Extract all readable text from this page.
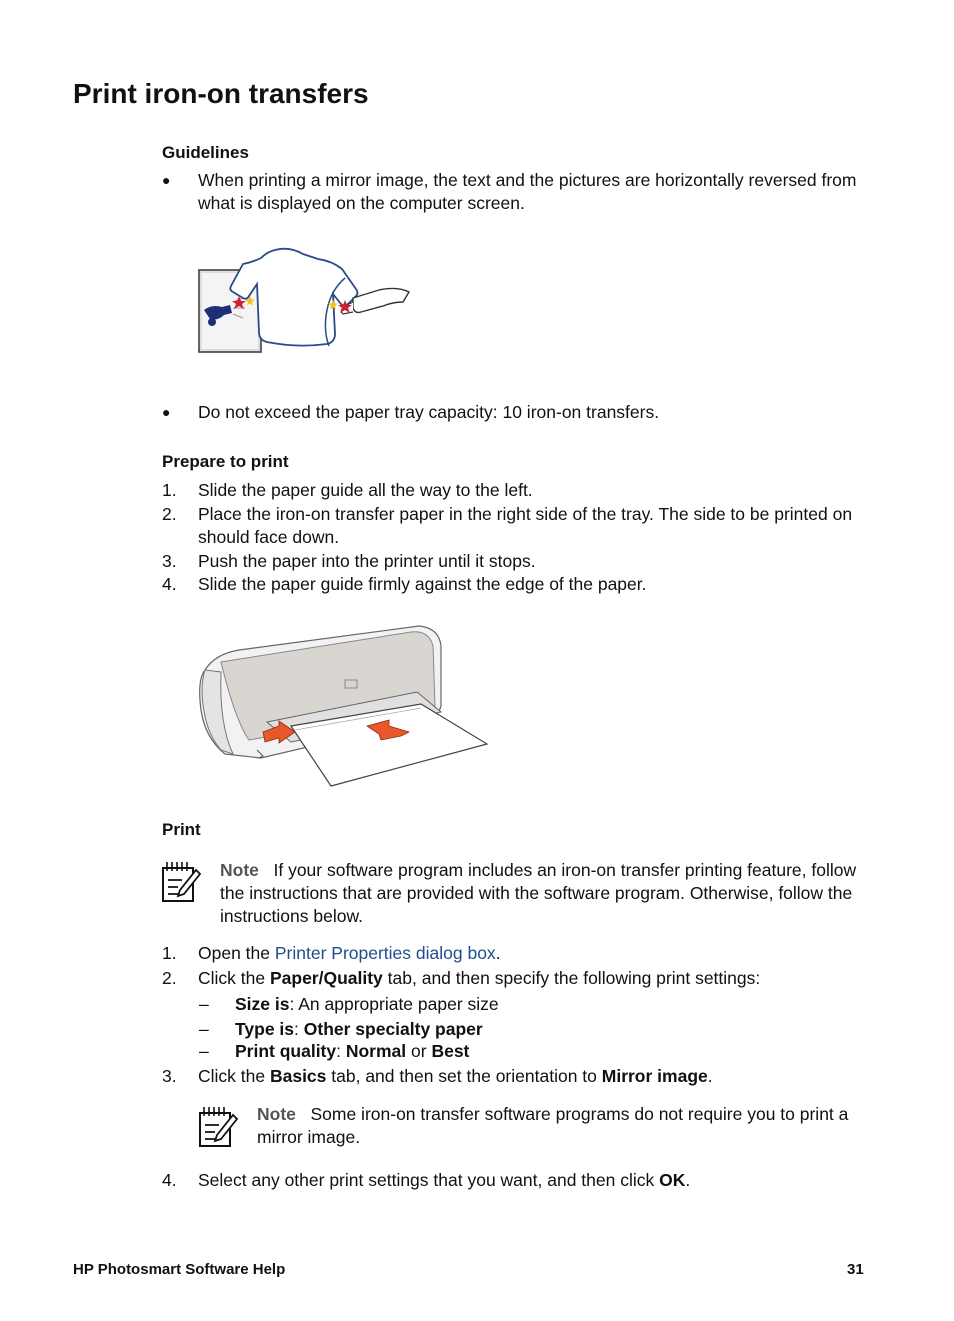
Print iron-on transfers

Guidelines

● When printing a mirror image, the text and the pictures are horizontally reversed from what is displayed on the computer screen.
● Do not exceed the paper tray capacity: 10 iron-on transfers.

Prepare to print

1. Slide the paper guide all the way to the left.
2. Place the iron-on transfer paper in the right side of the tray. The side to be printed on should face down.
3. Push the paper into the printer until it stops.
4. Slide the paper guide firmly against the edge of the paper.

Print

Note If your software program includes an iron-on transfer printing feature, follow the instructions that are provided with the software program. Otherwise, follow the instructions below.
1. Open the Printer Properties dialog box.
2. Click the Paper/Quality tab, and then specify the following print settings:
– Size is: An appropriate paper size
– Type is: Other specialty paper
– Print quality: Normal or Best
3. Click the Basics tab, and then set the orientation to Mirror image.
Note Some iron-on transfer software programs do not require you to print a mirror image.
4. Select any other print settings that you want, and then click OK.
HP Photosmart Software Help	31
